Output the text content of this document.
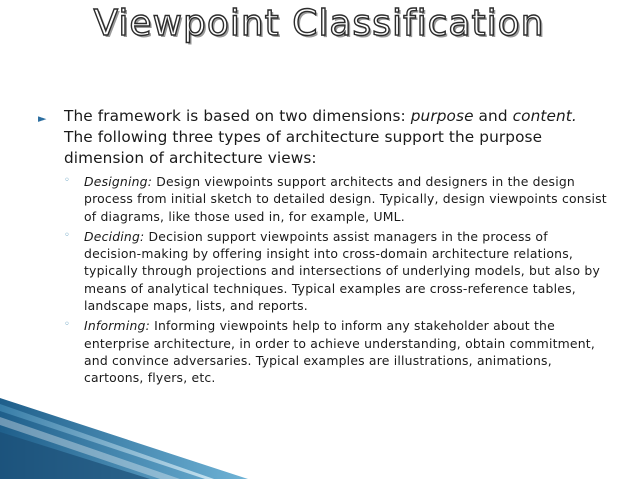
Viewpoint Classification
►	The framework is based on two dimensions: purpose and content. The following three types of architecture support the purpose dimension of architecture views:
◦	Designing: Design viewpoints support architects and designers in the design process from initial sketch to detailed design. Typically, design viewpoints consist of diagrams, like those used in, for example, UML.
◦	Deciding: Decision support viewpoints assist managers in the process of decision-making by offering insight into cross-domain architecture relations, typically through projections and intersections of underlying models, but also by means of analytical techniques. Typical examples are cross-reference tables, landscape maps, lists, and reports.
◦	Informing: Informing viewpoints help to inform any stakeholder about the enterprise architecture, in order to achieve understanding, obtain commitment, and convince adversaries. Typical examples are illustrations, animations, cartoons, flyers, etc.
